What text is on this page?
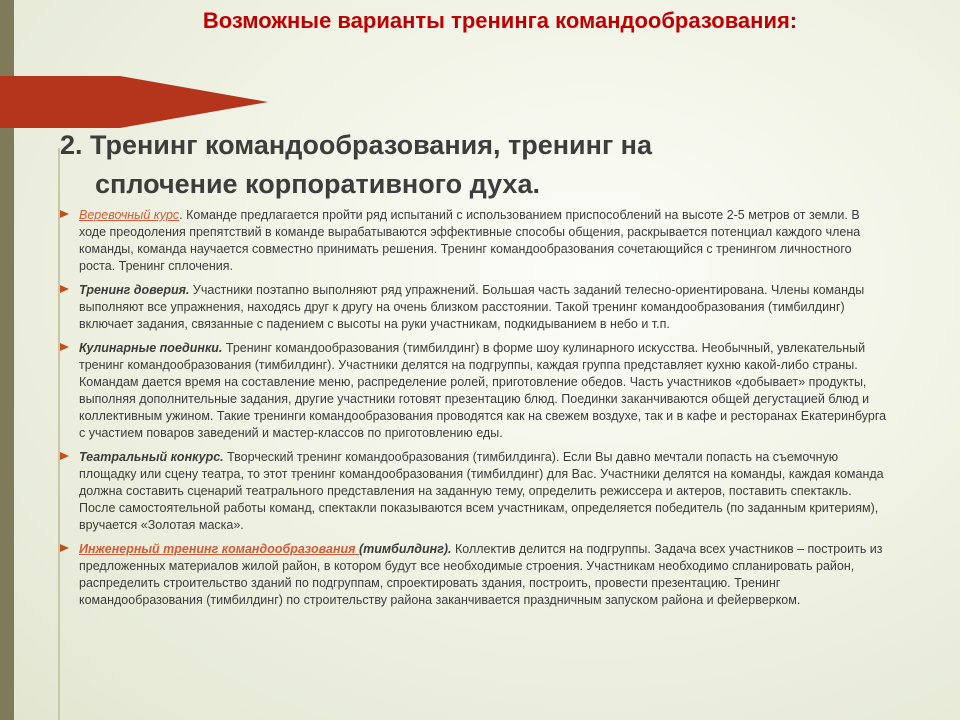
Возможные варианты тренинга командообразования:
2. Тренинг командообразования, тренинг на
сплочение корпоративного духа.
Веревочный курс. Команде предлагается пройти ряд испытаний с использованием приспособлений на высоте 2-5 метров от земли. В ходе преодоления препятствий в команде вырабатываются эффективные способы общения, раскрывается потенциал каждого члена команды, команда научается совместно принимать решения. Тренинг командообразования сочетающийся с тренингом личностного роста. Тренинг сплочения.
Тренинг доверия. Участники поэтапно выполняют ряд упражнений. Большая часть заданий телесно-ориентирована. Члены команды выполняют все упражнения, находясь друг к другу на очень близком расстоянии. Такой тренинг командообразования (тимбилдинг) включает задания, связанные с падением с высоты на руки участникам, подкидыванием в небо и т.п.
Кулинарные поединки. Тренинг командообразования (тимбилдинг) в форме шоу кулинарного искусства. Необычный, увлекательный тренинг командообразования (тимбилдинг). Участники делятся на подгруппы, каждая группа представляет кухню какой-либо страны. Командам дается время на составление меню, распределение ролей, приготовление обедов. Часть участников «добывает» продукты, выполняя дополнительные задания, другие участники готовят презентацию блюд. Поединки заканчиваются общей дегустацией блюд и коллективным ужином. Такие тренинги командообразования проводятся как на свежем воздухе, так и в кафе и ресторанах Екатеринбурга с участием поваров заведений и мастер-классов по приготовлению еды.
Театральный конкурс. Творческий тренинг командообразования (тимбилдинга). Если Вы давно мечтали попасть на съемочную площадку или сцену театра, то этот тренинг командообразования (тимбилдинг) для Вас. Участники делятся на команды, каждая команда должна составить сценарий театрального представления на заданную тему, определить режиссера и актеров, поставить спектакль. После самостоятельной работы команд, спектакли показываются всем участникам, определяется победитель (по заданным критериям), вручается «Золотая маска».
Инженерный тренинг командообразования (тимбилдинг). Коллектив делится на подгруппы. Задача всех участников – построить из предложенных материалов жилой район, в котором будут все необходимые строения. Участникам необходимо спланировать район, распределить строительство зданий по подгруппам, спроектировать здания, построить, провести презентацию. Тренинг командообразования (тимбилдинг) по строительству района заканчивается праздничным запуском района и фейерверком.
